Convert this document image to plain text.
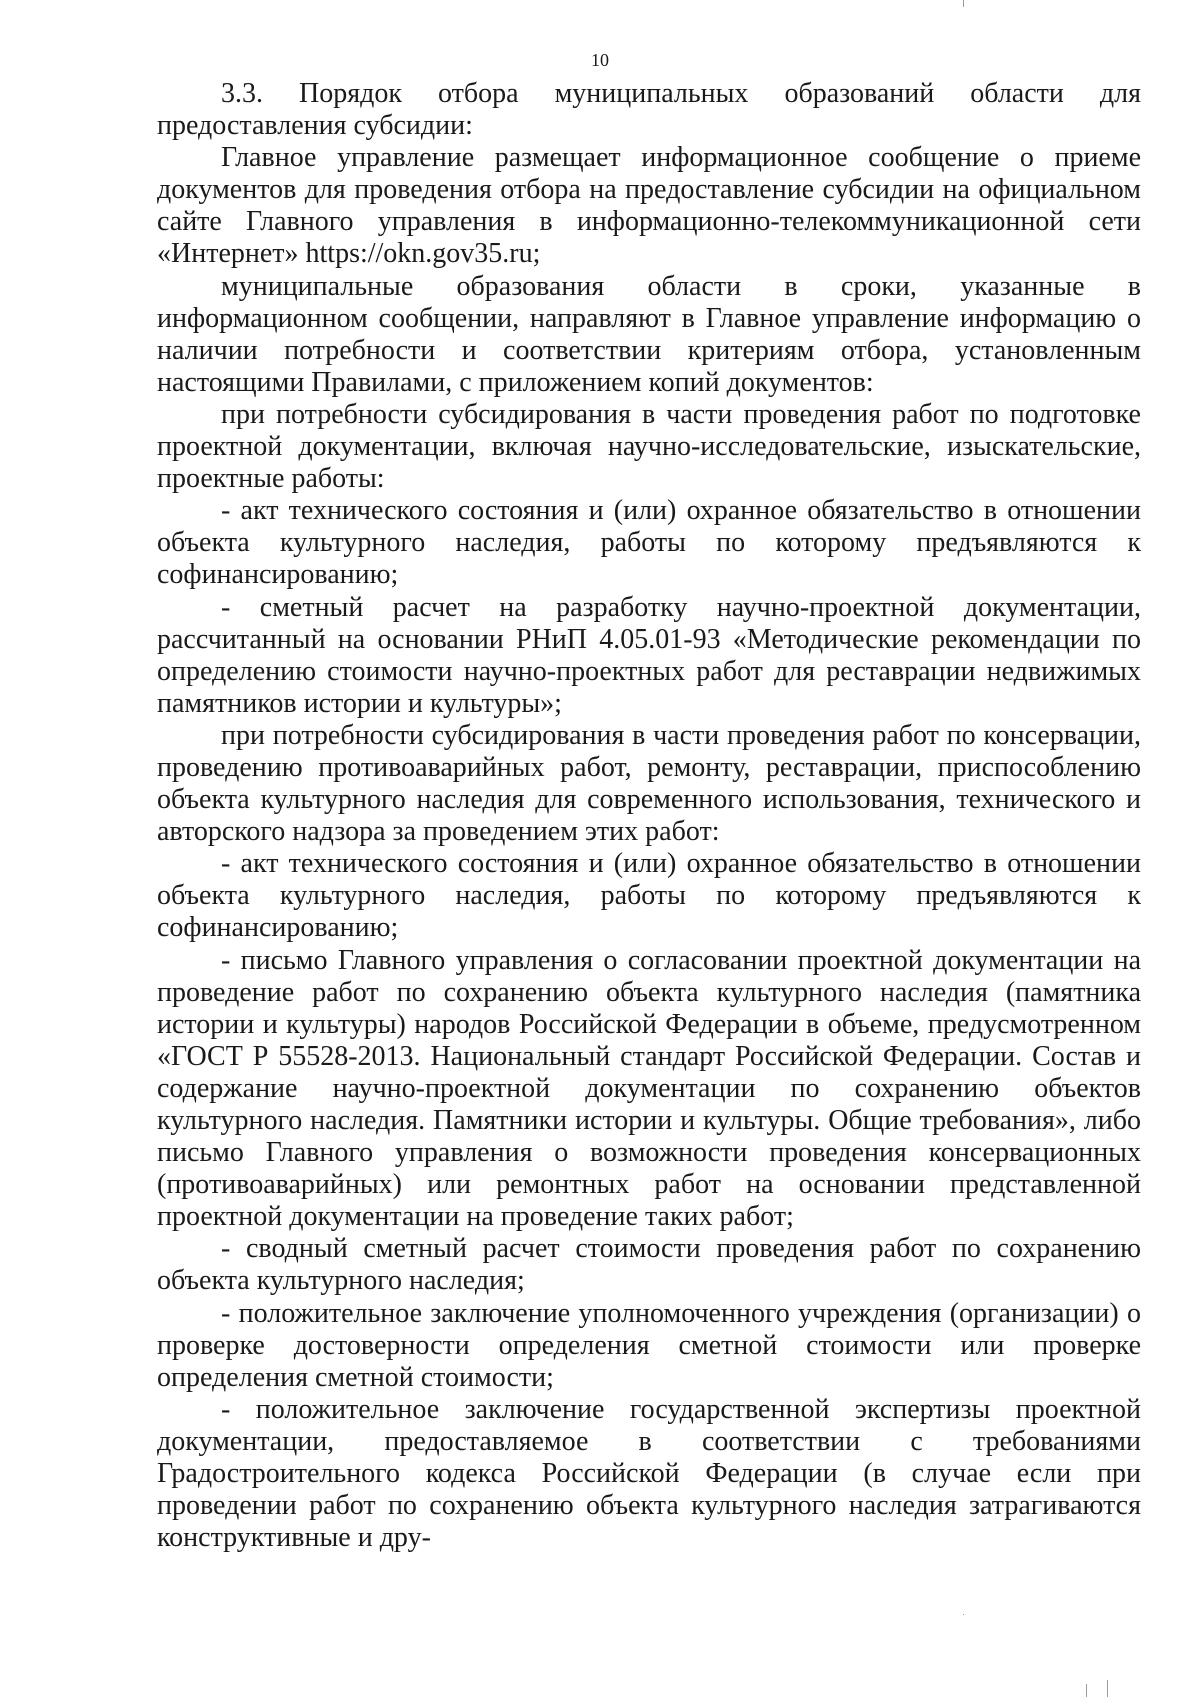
10

3.3. Порядок отбора муниципальных образований области для предоставления субсидии:

Главное управление размещает информационное сообщение о приеме документов для проведения отбора на предоставление субсидии на официальном сайте Главного управления в информационно-телекоммуникационной сети «Интернет» https://okn.gov35.ru;

муниципальные образования области в сроки, указанные в информационном сообщении, направляют в Главное управление информацию о наличии потребности и соответствии критериям отбора, установленным настоящими Правилами, с приложением копий документов:

при потребности субсидирования в части проведения работ по подготовке проектной документации, включая научно-исследовательские, изыскательские, проектные работы:

- акт технического состояния и (или) охранное обязательство в отношении объекта культурного наследия, работы по которому предъявляются к софинансированию;

- сметный расчет на разработку научно-проектной документации, рассчитанный на основании РНиП 4.05.01-93 «Методические рекомендации по определению стоимости научно-проектных работ для реставрации недвижимых памятников истории и культуры»;

при потребности субсидирования в части проведения работ по консервации, проведению противоаварийных работ, ремонту, реставрации, приспособлению объекта культурного наследия для современного использования, технического и авторского надзора за проведением этих работ:

- акт технического состояния и (или) охранное обязательство в отношении объекта культурного наследия, работы по которому предъявляются к софинансированию;

- письмо Главного управления о согласовании проектной документации на проведение работ по сохранению объекта культурного наследия (памятника истории и культуры) народов Российской Федерации в объеме, предусмотренном «ГОСТ Р 55528-2013. Национальный стандарт Российской Федерации. Состав и содержание научно-проектной документации по сохранению объектов культурного наследия. Памятники истории и культуры. Общие требования», либо письмо Главного управления о возможности проведения консервационных (противоаварийных) или ремонтных работ на основании представленной проектной документации на проведение таких работ;

- сводный сметный расчет стоимости проведения работ по сохранению объекта культурного наследия;

- положительное заключение уполномоченного учреждения (организации) о проверке достоверности определения сметной стоимости или проверке определения сметной стоимости;

- положительное заключение государственной экспертизы проектной документации, предоставляемое в соответствии с требованиями Градостроительного кодекса Российской Федерации (в случае если при проведении работ по сохранению объекта культурного наследия затрагиваются конструктивные и дру-
